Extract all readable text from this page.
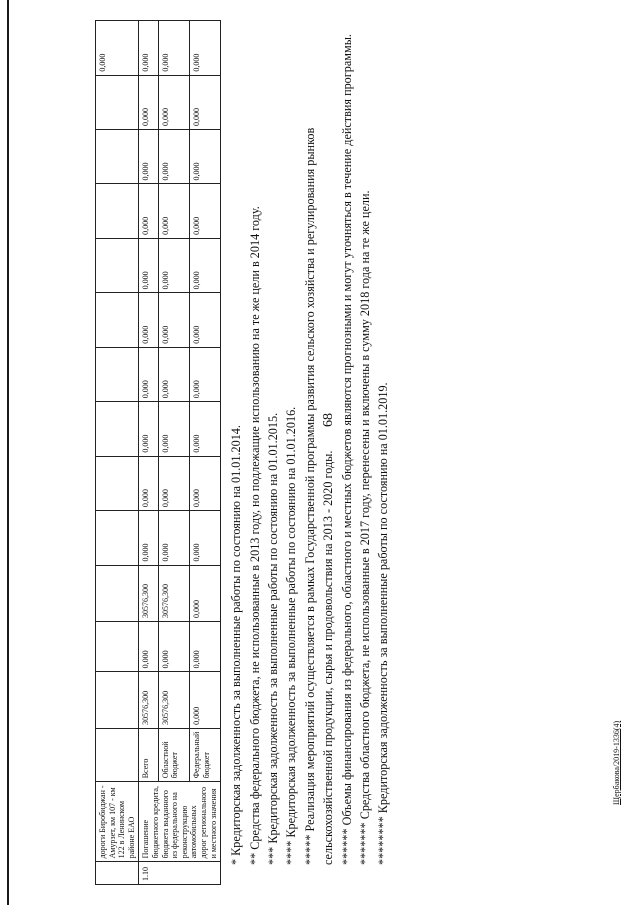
68
Щербакова/2019-1336(4)
	дороги Биробиджан - Амурзет, км 107 - км 122 в Ленинском районе ЕАО														0,000
1.10	Погашение бюджетного кредита, бюджета выданного из федерального на реконструкцию автомобильных дорог регионального и местного значения	Всего	30576,300	0,000	30576,300	0,000	0,000	0,000	0,000	0,000	0,000	0,000	0,000	0,000	0,000
		Областной бюджет	30576,300	0,000	30576,300	0,000	0,000	0,000	0,000	0,000	0,000	0,000	0,000	0,000	0,000
		Федеральный бюджет	0,000	0,000	0,000	0,000	0,000	0,000	0,000	0,000	0,000	0,000	0,000	0,000	0,000

* Кредиторская задолженность за выполненные работы по состоянию на 01.01.2014. ** Средства федерального бюджета, не использованные в 2013 году, но подлежащие использованию на те же цели в 2014 году. *** Кредиторская задолженность за выполненные работы по состоянию на 01.01.2015. **** Кредиторская задолженность за выполненные работы по состоянию на 01.01.2016. ***** Реализация мероприятий осуществляется в рамках Государственной программы развития сельского хозяйства и регулирования рынков сельскохозяйственной продукции, сырья и продовольствия на 2013 - 2020 годы. ****** Объемы финансирования из федерального, областного и местных бюджетов являются прогнозными и могут уточняться в течение действия программы. ******* Средства областного бюджета, не использованные в 2017 году, перенесены и включены в сумму 2018 года на те же цели. ******** Кредиторская задолженность за выполненные работы по состоянию на 01.01.2019.
